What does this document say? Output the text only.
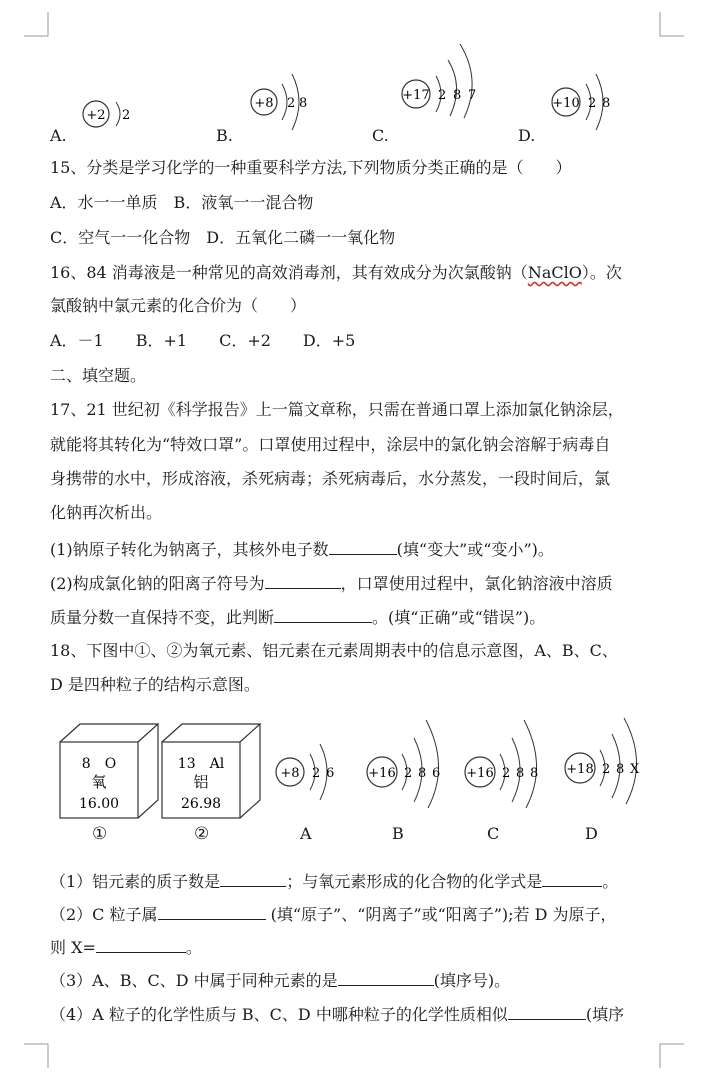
A.	B.	C.	D.
+2 2
+8 2 8
+17 2 8 7
+10 2 8
15、分类是学习化学的一种重要科学方法,下列物质分类正确的是（　　）
A．水一一单质　B．液氧一一混合物
C．空气一一化合物　D．五氧化二磷一一氧化物
16、84 消毒液是一种常见的高效消毒剂，其有效成分为次氯酸钠（NaClO）。次
氯酸钠中氯元素的化合价为（　　）
A．－1　　B．+1　　C．+2　　D．+5
二、填空题。
17、21 世纪初《科学报告》上一篇文章称，只需在普通口罩上添加氯化钠涂层，
就能将其转化为“特效口罩”。口罩使用过程中，涂层中的氯化钠会溶解于病毒自
身携带的水中，形成溶液，杀死病毒；杀死病毒后，水分蒸发，一段时间后，氯
化钠再次析出。
(1)钠原子转化为钠离子，其核外电子数	(填“变大”或“变小”)。
(2)构成氯化钠的阳离子符号为	，口罩使用过程中，氯化钠溶液中溶质
质量分数一直保持不变，此判断	。(填“正确”或“错误”)。
18、下图中①、②为氧元素、铝元素在元素周期表中的信息示意图，A、B、C、
D 是四种粒子的结构示意图。
8　O
氧
16.00
①
13　Al
铝
26.98
②
+8 2 6
A
+16 2 8 6
B
+16 2 8 8
C
+18 2 8 X
D
（1）铝元素的质子数是	；与氧元素形成的化合物的化学式是	。
（2）C 粒子属	(填“原子”、“阴离子”或“阳离子”);若 D 为原子，
则 X=	。
（3）A、B、C、D 中属于同种元素的是	(填序号)。
（4）A 粒子的化学性质与 B、C、D 中哪种粒子的化学性质相似	(填序
